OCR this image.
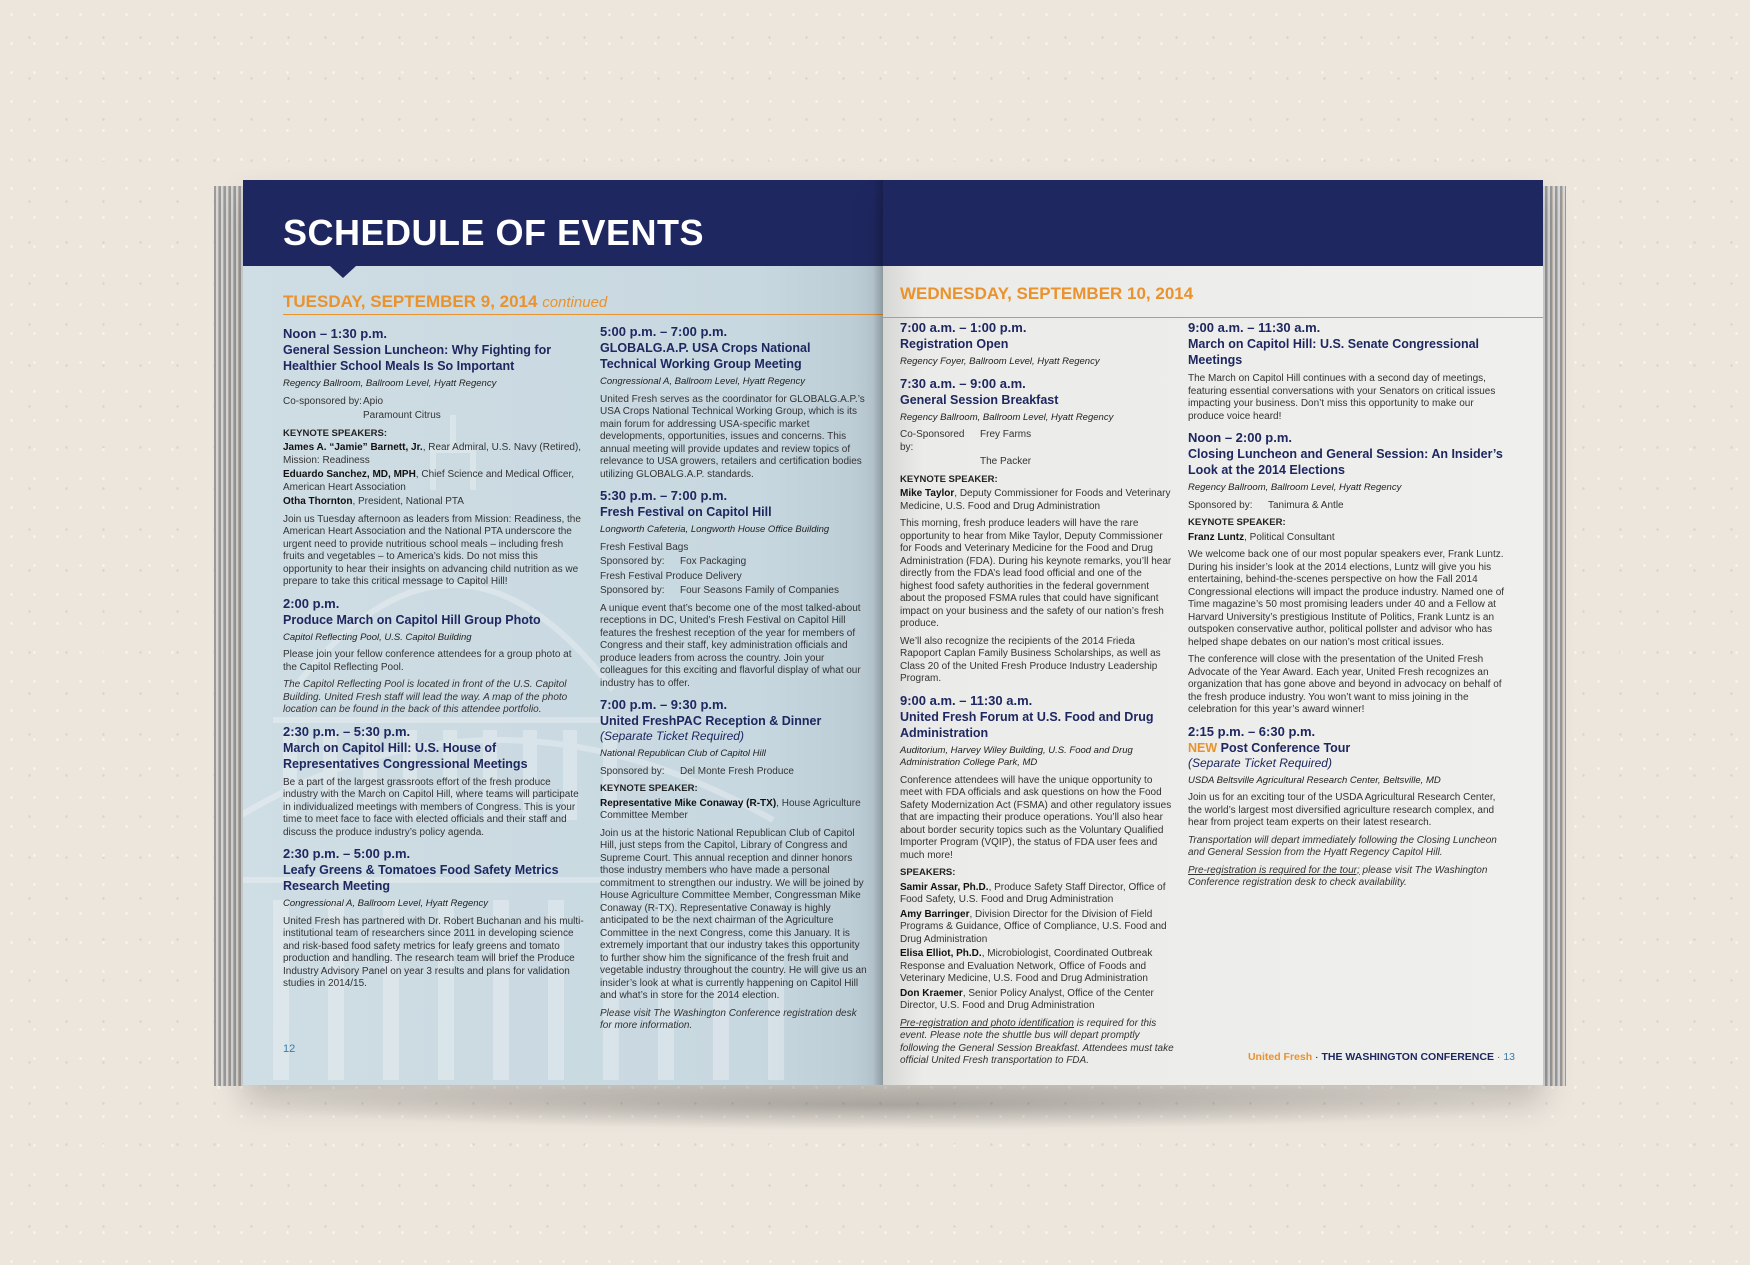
SCHEDULE OF EVENTS
TUESDAY, SEPTEMBER 9, 2014 continued
Noon – 1:30 p.m.
General Session Luncheon: Why Fighting for Healthier School Meals Is So Important
Regency Ballroom, Ballroom Level, Hyatt Regency
Co-sponsored by: Apio
Paramount Citrus
KEYNOTE SPEAKERS:
James A. “Jamie” Barnett, Jr., Rear Admiral, U.S. Navy (Retired), Mission: Readiness
Eduardo Sanchez, MD, MPH, Chief Science and Medical Officer, American Heart Association
Otha Thornton, President, National PTA
Join us Tuesday afternoon as leaders from Mission: Readiness, the American Heart Association and the National PTA underscore the urgent need to provide nutritious school meals – including fresh fruits and vegetables – to America’s kids. Do not miss this opportunity to hear their insights on advancing child nutrition as we prepare to take this critical message to Capitol Hill!
2:00 p.m.
Produce March on Capitol Hill Group Photo
Capitol Reflecting Pool, U.S. Capitol Building
Please join your fellow conference attendees for a group photo at the Capitol Reflecting Pool.
The Capitol Reflecting Pool is located in front of the U.S. Capitol Building. United Fresh staff will lead the way. A map of the photo location can be found in the back of this attendee portfolio.
2:30 p.m. – 5:30 p.m.
March on Capitol Hill: U.S. House of Representatives Congressional Meetings
Be a part of the largest grassroots effort of the fresh produce industry with the March on Capitol Hill, where teams will participate in individualized meetings with members of Congress. This is your time to meet face to face with elected officials and their staff and discuss the produce industry’s policy agenda.
2:30 p.m. – 5:00 p.m.
Leafy Greens & Tomatoes Food Safety Metrics Research Meeting
Congressional A, Ballroom Level, Hyatt Regency
United Fresh has partnered with Dr. Robert Buchanan and his multi-institutional team of researchers since 2011 in developing science and risk-based food safety metrics for leafy greens and tomato production and handling. The research team will brief the Produce Industry Advisory Panel on year 3 results and plans for validation studies in 2014/15.
5:00 p.m. – 7:00 p.m.
GLOBALG.A.P. USA Crops National Technical Working Group Meeting
Congressional A, Ballroom Level, Hyatt Regency
United Fresh serves as the coordinator for GLOBALG.A.P.’s USA Crops National Technical Working Group, which is its main forum for addressing USA-specific market developments, opportunities, issues and concerns. This annual meeting will provide updates and review topics of relevance to USA growers, retailers and certification bodies utilizing GLOBALG.A.P. standards.
5:30 p.m. – 7:00 p.m.
Fresh Festival on Capitol Hill
Longworth Cafeteria, Longworth House Office Building
Fresh Festival Bags
Sponsored by:	Fox Packaging
Fresh Festival Produce Delivery
Sponsored by:	Four Seasons Family of Companies
A unique event that’s become one of the most talked-about receptions in DC, United’s Fresh Festival on Capitol Hill features the freshest reception of the year for members of Congress and their staff, key administration officials and produce leaders from across the country. Join your colleagues for this exciting and flavorful display of what our industry has to offer.
7:00 p.m. – 9:30 p.m.
United FreshPAC Reception & Dinner
(Separate Ticket Required)
National Republican Club of Capitol Hill
Sponsored by:	Del Monte Fresh Produce
KEYNOTE SPEAKER:
Representative Mike Conaway (R-TX), House Agriculture Committee Member
Join us at the historic National Republican Club of Capitol Hill, just steps from the Capitol, Library of Congress and Supreme Court. This annual reception and dinner honors those industry members who have made a personal commitment to strengthen our industry. We will be joined by House Agriculture Committee Member, Congressman Mike Conaway (R-TX). Representative Conaway is highly anticipated to be the next chairman of the Agriculture Committee in the next Congress, come this January. It is extremely important that our industry takes this opportunity to further show him the significance of the fresh fruit and vegetable industry throughout the country. He will give us an insider’s look at what is currently happening on Capitol Hill and what’s in store for the 2014 election.
Please visit The Washington Conference registration desk for more information.
12
WEDNESDAY, SEPTEMBER 10, 2014
7:00 a.m. – 1:00 p.m.
Registration Open
Regency Foyer, Ballroom Level, Hyatt Regency
7:30 a.m. – 9:00 a.m.
General Session Breakfast
Regency Ballroom, Ballroom Level, Hyatt Regency
Co-Sponsored by:
Frey Farms
The Packer
KEYNOTE SPEAKER:
Mike Taylor, Deputy Commissioner for Foods and Veterinary Medicine, U.S. Food and Drug Administration
This morning, fresh produce leaders will have the rare opportunity to hear from Mike Taylor, Deputy Commissioner for Foods and Veterinary Medicine for the Food and Drug Administration (FDA). During his keynote remarks, you’ll hear directly from the FDA’s lead food official and one of the highest food safety authorities in the federal government about the proposed FSMA rules that could have significant impact on your business and the safety of our nation’s fresh produce.
We’ll also recognize the recipients of the 2014 Frieda Rapoport Caplan Family Business Scholarships, as well as Class 20 of the United Fresh Produce Industry Leadership Program.
9:00 a.m. – 11:30 a.m.
United Fresh Forum at U.S. Food and Drug Administration
Auditorium, Harvey Wiley Building, U.S. Food and Drug Administration College Park, MD
Conference attendees will have the unique opportunity to meet with FDA officials and ask questions on how the Food Safety Modernization Act (FSMA) and other regulatory issues that are impacting their produce operations. You’ll also hear about border security topics such as the Voluntary Qualified Importer Program (VQIP), the status of FDA user fees and much more!
SPEAKERS:
Samir Assar, Ph.D., Produce Safety Staff Director, Office of Food Safety, U.S. Food and Drug Administration
Amy Barringer, Division Director for the Division of Field Programs & Guidance, Office of Compliance, U.S. Food and Drug Administration
Elisa Elliot, Ph.D., Microbiologist, Coordinated Outbreak Response and Evaluation Network, Office of Foods and Veterinary Medicine, U.S. Food and Drug Administration
Don Kraemer, Senior Policy Analyst, Office of the Center Director, U.S. Food and Drug Administration
Pre-registration and photo identification is required for this event. Please note the shuttle bus will depart promptly following the General Session Breakfast. Attendees must take official United Fresh transportation to FDA.
9:00 a.m. – 11:30 a.m.
March on Capitol Hill: U.S. Senate Congressional Meetings
The March on Capitol Hill continues with a second day of meetings, featuring essential conversations with your Senators on critical issues impacting your business. Don’t miss this opportunity to make our produce voice heard!
Noon – 2:00 p.m.
Closing Luncheon and General Session: An Insider’s Look at the 2014 Elections
Regency Ballroom, Ballroom Level, Hyatt Regency
Sponsored by:	Tanimura & Antle
KEYNOTE SPEAKER:
Franz Luntz, Political Consultant
We welcome back one of our most popular speakers ever, Frank Luntz. During his insider’s look at the 2014 elections, Luntz will give you his entertaining, behind-the-scenes perspective on how the Fall 2014 Congressional elections will impact the produce industry. Named one of Time magazine’s 50 most promising leaders under 40 and a Fellow at Harvard University’s prestigious Institute of Politics, Frank Luntz is an outspoken conservative author, political pollster and advisor who has helped shape debates on our nation’s most critical issues.
The conference will close with the presentation of the United Fresh Advocate of the Year Award. Each year, United Fresh recognizes an organization that has gone above and beyond in advocacy on behalf of the fresh produce industry. You won’t want to miss joining in the celebration for this year’s award winner!
2:15 p.m. – 6:30 p.m.
NEW Post Conference Tour
(Separate Ticket Required)
USDA Beltsville Agricultural Research Center, Beltsville, MD
Join us for an exciting tour of the USDA Agricultural Research Center, the world’s largest most diversified agriculture research complex, and hear from project team experts on their latest research.
Transportation will depart immediately following the Closing Luncheon and General Session from the Hyatt Regency Capitol Hill.
Pre-registration is required for the tour; please visit The Washington Conference registration desk to check availability.
United Fresh · THE WASHINGTON CONFERENCE · 13
